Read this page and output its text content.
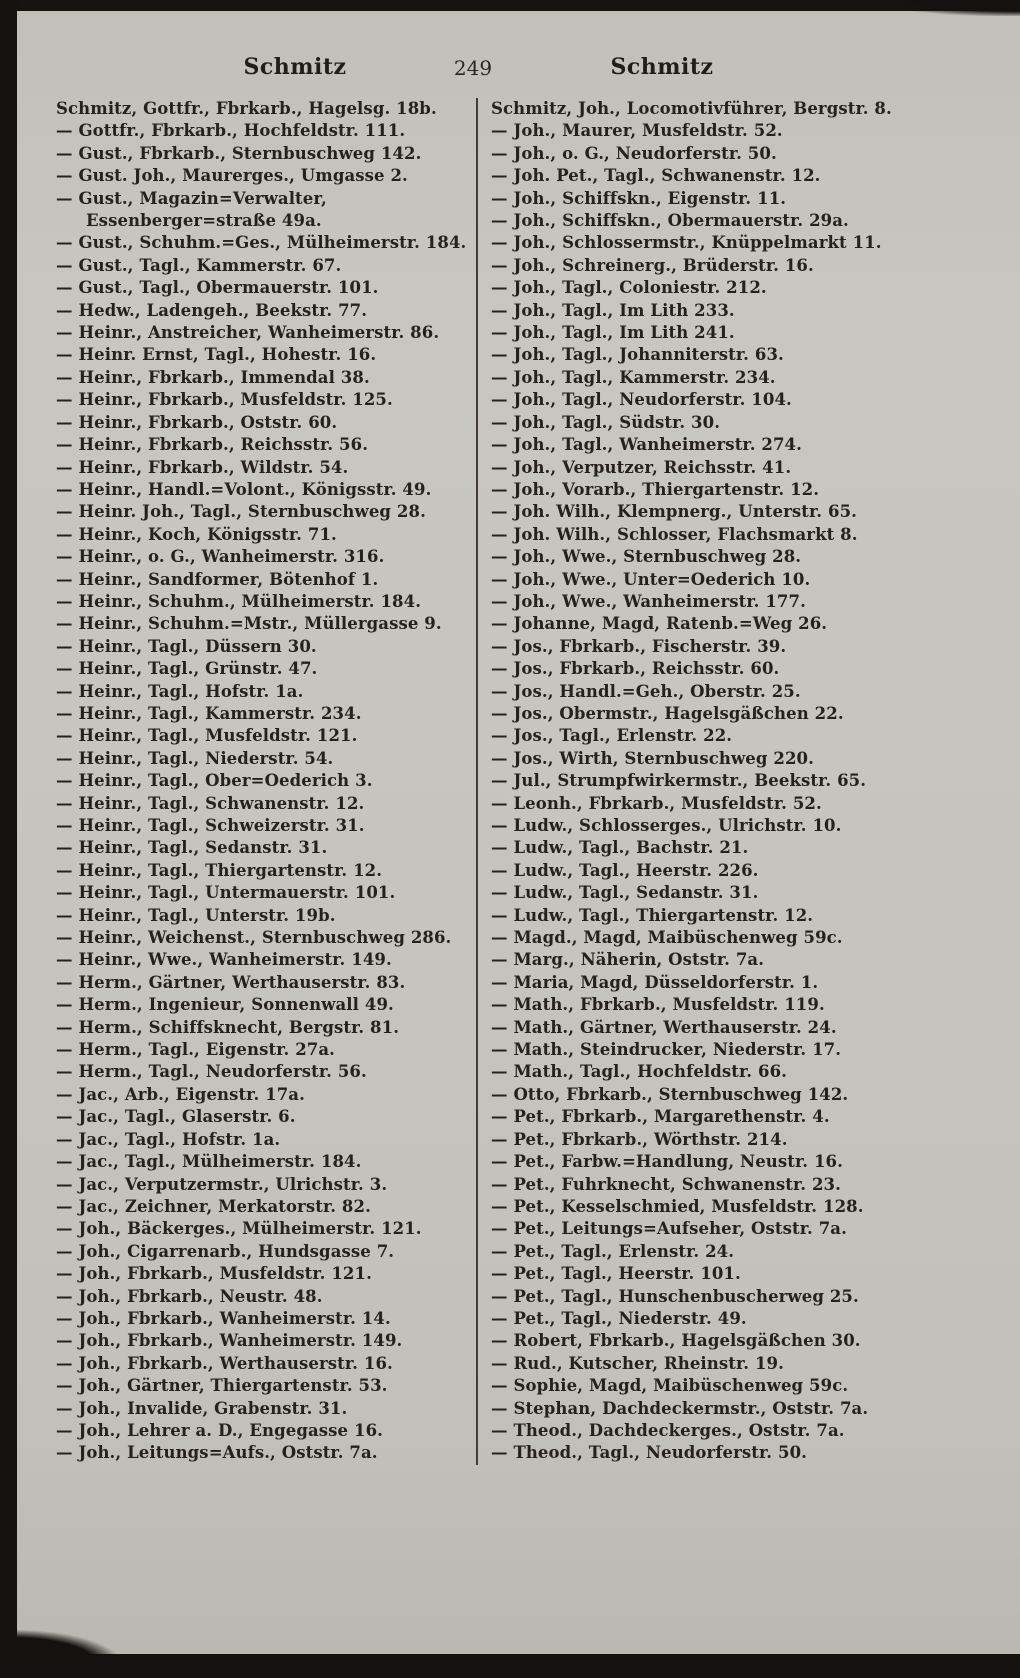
Schmitz	249	Schmitz
Schmitz, Gottfr., Fbrkarb., Hagelsg. 18b.
— Gottfr., Fbrkarb., Hochfeldstr. 111.
— Gust., Fbrkarb., Sternbuschweg 142.
— Gust. Joh., Maurerges., Umgasse 2.
— Gust., Magazin=Verwalter, Essenberger=straße 49a.
— Gust., Schuhm.=Ges., Mülheimerstr. 184.
— Gust., Tagl., Kammerstr. 67.
— Gust., Tagl., Obermauerstr. 101.
— Hedw., Ladengeh., Beekstr. 77.
— Heinr., Anstreicher, Wanheimerstr. 86.
— Heinr. Ernst, Tagl., Hohestr. 16.
— Heinr., Fbrkarb., Immendal 38.
— Heinr., Fbrkarb., Musfeldstr. 125.
— Heinr., Fbrkarb., Oststr. 60.
— Heinr., Fbrkarb., Reichsstr. 56.
— Heinr., Fbrkarb., Wildstr. 54.
— Heinr., Handl.=Volont., Königsstr. 49.
— Heinr. Joh., Tagl., Sternbuschweg 28.
— Heinr., Koch, Königsstr. 71.
— Heinr., o. G., Wanheimerstr. 316.
— Heinr., Sandformer, Bötenhof 1.
— Heinr., Schuhm., Mülheimerstr. 184.
— Heinr., Schuhm.=Mstr., Müllergasse 9.
— Heinr., Tagl., Düssern 30.
— Heinr., Tagl., Grünstr. 47.
— Heinr., Tagl., Hofstr. 1a.
— Heinr., Tagl., Kammerstr. 234.
— Heinr., Tagl., Musfeldstr. 121.
— Heinr., Tagl., Niederstr. 54.
— Heinr., Tagl., Ober=Oederich 3.
— Heinr., Tagl., Schwanenstr. 12.
— Heinr., Tagl., Schweizerstr. 31.
— Heinr., Tagl., Sedanstr. 31.
— Heinr., Tagl., Thiergartenstr. 12.
— Heinr., Tagl., Untermauerstr. 101.
— Heinr., Tagl., Unterstr. 19b.
— Heinr., Weichenst., Sternbuschweg 286.
— Heinr., Wwe., Wanheimerstr. 149.
— Herm., Gärtner, Werthauserstr. 83.
— Herm., Ingenieur, Sonnenwall 49.
— Herm., Schiffsknecht, Bergstr. 81.
— Herm., Tagl., Eigenstr. 27a.
— Herm., Tagl., Neudorferstr. 56.
— Jac., Arb., Eigenstr. 17a.
— Jac., Tagl., Glaserstr. 6.
— Jac., Tagl., Hofstr. 1a.
— Jac., Tagl., Mülheimerstr. 184.
— Jac., Verputzermstr., Ulrichstr. 3.
— Jac., Zeichner, Merkatorstr. 82.
— Joh., Bäckerges., Mülheimerstr. 121.
— Joh., Cigarrenarb., Hundsgasse 7.
— Joh., Fbrkarb., Musfeldstr. 121.
— Joh., Fbrkarb., Neustr. 48.
— Joh., Fbrkarb., Wanheimerstr. 14.
— Joh., Fbrkarb., Wanheimerstr. 149.
— Joh., Fbrkarb., Werthauserstr. 16.
— Joh., Gärtner, Thiergartenstr. 53.
— Joh., Invalide, Grabenstr. 31.
— Joh., Lehrer a. D., Engegasse 16.
— Joh., Leitungs=Aufs., Oststr. 7a.
Schmitz, Joh., Locomotivführer, Bergstr. 8.
— Joh., Maurer, Musfeldstr. 52.
— Joh., o. G., Neudorferstr. 50.
— Joh. Pet., Tagl., Schwanenstr. 12.
— Joh., Schiffskn., Eigenstr. 11.
— Joh., Schiffskn., Obermauerstr. 29a.
— Joh., Schlossermstr., Knüppelmarkt 11.
— Joh., Schreinerg., Brüderstr. 16.
— Joh., Tagl., Coloniestr. 212.
— Joh., Tagl., Im Lith 233.
— Joh., Tagl., Im Lith 241.
— Joh., Tagl., Johanniterstr. 63.
— Joh., Tagl., Kammerstr. 234.
— Joh., Tagl., Neudorferstr. 104.
— Joh., Tagl., Südstr. 30.
— Joh., Tagl., Wanheimerstr. 274.
— Joh., Verputzer, Reichsstr. 41.
— Joh., Vorarb., Thiergartenstr. 12.
— Joh. Wilh., Klempnerg., Unterstr. 65.
— Joh. Wilh., Schlosser, Flachsmarkt 8.
— Joh., Wwe., Sternbuschweg 28.
— Joh., Wwe., Unter=Oederich 10.
— Joh., Wwe., Wanheimerstr. 177.
— Johanne, Magd, Ratenb.=Weg 26.
— Jos., Fbrkarb., Fischerstr. 39.
— Jos., Fbrkarb., Reichsstr. 60.
— Jos., Handl.=Geh., Oberstr. 25.
— Jos., Obermstr., Hagelsgäßchen 22.
— Jos., Tagl., Erlenstr. 22.
— Jos., Wirth, Sternbuschweg 220.
— Jul., Strumpfwirkermstr., Beekstr. 65.
— Leonh., Fbrkarb., Musfeldstr. 52.
— Ludw., Schlosserges., Ulrichstr. 10.
— Ludw., Tagl., Bachstr. 21.
— Ludw., Tagl., Heerstr. 226.
— Ludw., Tagl., Sedanstr. 31.
— Ludw., Tagl., Thiergartenstr. 12.
— Magd., Magd, Maibüschenweg 59c.
— Marg., Näherin, Oststr. 7a.
— Maria, Magd, Düsseldorferstr. 1.
— Math., Fbrkarb., Musfeldstr. 119.
— Math., Gärtner, Werthauserstr. 24.
— Math., Steindrucker, Niederstr. 17.
— Math., Tagl., Hochfeldstr. 66.
— Otto, Fbrkarb., Sternbuschweg 142.
— Pet., Fbrkarb., Margarethenstr. 4.
— Pet., Fbrkarb., Wörthstr. 214.
— Pet., Farbw.=Handlung, Neustr. 16.
— Pet., Fuhrknecht, Schwanenstr. 23.
— Pet., Kesselschmied, Musfeldstr. 128.
— Pet., Leitungs=Aufseher, Oststr. 7a.
— Pet., Tagl., Erlenstr. 24.
— Pet., Tagl., Heerstr. 101.
— Pet., Tagl., Hunschenbuscherweg 25.
— Pet., Tagl., Niederstr. 49.
— Robert, Fbrkarb., Hagelsgäßchen 30.
— Rud., Kutscher, Rheinstr. 19.
— Sophie, Magd, Maibüschenweg 59c.
— Stephan, Dachdeckermstr., Oststr. 7a.
— Theod., Dachdeckerges., Oststr. 7a.
— Theod., Tagl., Neudorferstr. 50.
